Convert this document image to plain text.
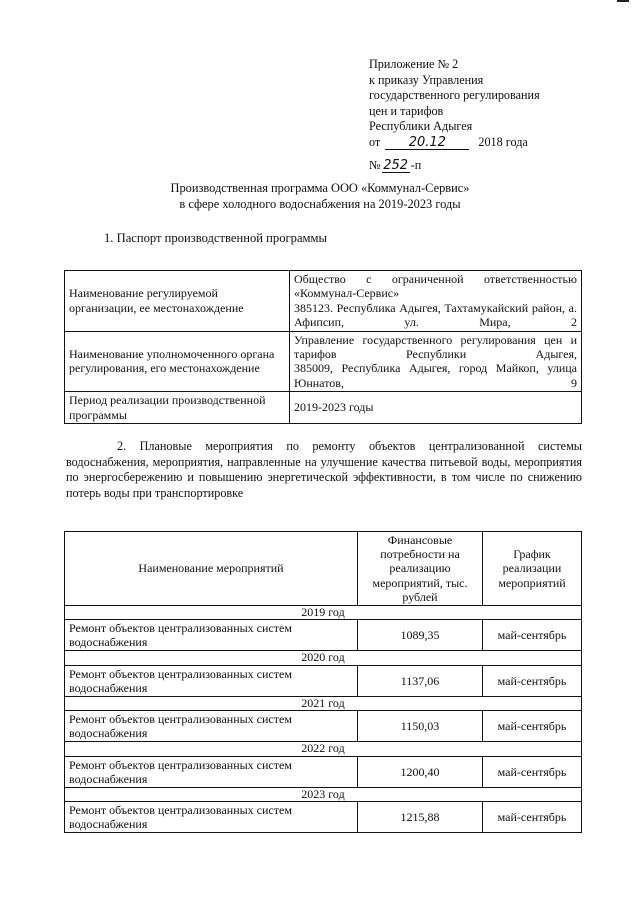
Приложение № 2
к приказу Управления
государственного регулирования
цен и тарифов
Республики Адыгея
от 20.12	2018 года
№ 252 -п
Производственная программа ООО «Коммунал-Сервис»
в сфере холодного водоснабжения на 2019-2023 годы
1. Паспорт производственной программы
Наименование регулируемой организации, ее местонахождение	Общество с ограниченной ответственностью «Коммунал-Сервис»
385123. Республика Адыгея, Тахтамукайский район, а. Афипсип, ул. Мира, 2

Наименование уполномоченного органа регулирования, его местонахождение	Управление государственного регулирования цен и тарифов Республики Адыгея,
385009, Республика Адыгея, город Майкоп, улица Юннатов, 9

Период реализации производственной программы	2019-2023 годы
2. Плановые мероприятия по ремонту объектов централизованной системы водоснабжения, мероприятия, направленные на улучшение качества питьевой воды, мероприятия по энергосбережению и повышению энергетической эффективности, в том числе по снижению потерь воды при транспортировке
Наименование мероприятий	Финансовые потребности на реализацию мероприятий, тыс. рублей	График реализации мероприятий
2019 год		
Ремонт объектов централизованных систем водоснабжения	1089,35	май-сентябрь
2020 год		
Ремонт объектов централизованных систем водоснабжения	1137,06	май-сентябрь
2021 год		
Ремонт объектов централизованных систем водоснабжения	1150,03	май-сентябрь
2022 год		
Ремонт объектов централизованных систем водоснабжения	1200,40	май-сентябрь
2023 год		
Ремонт объектов централизованных систем водоснабжения	1215,88	май-сентябрь
